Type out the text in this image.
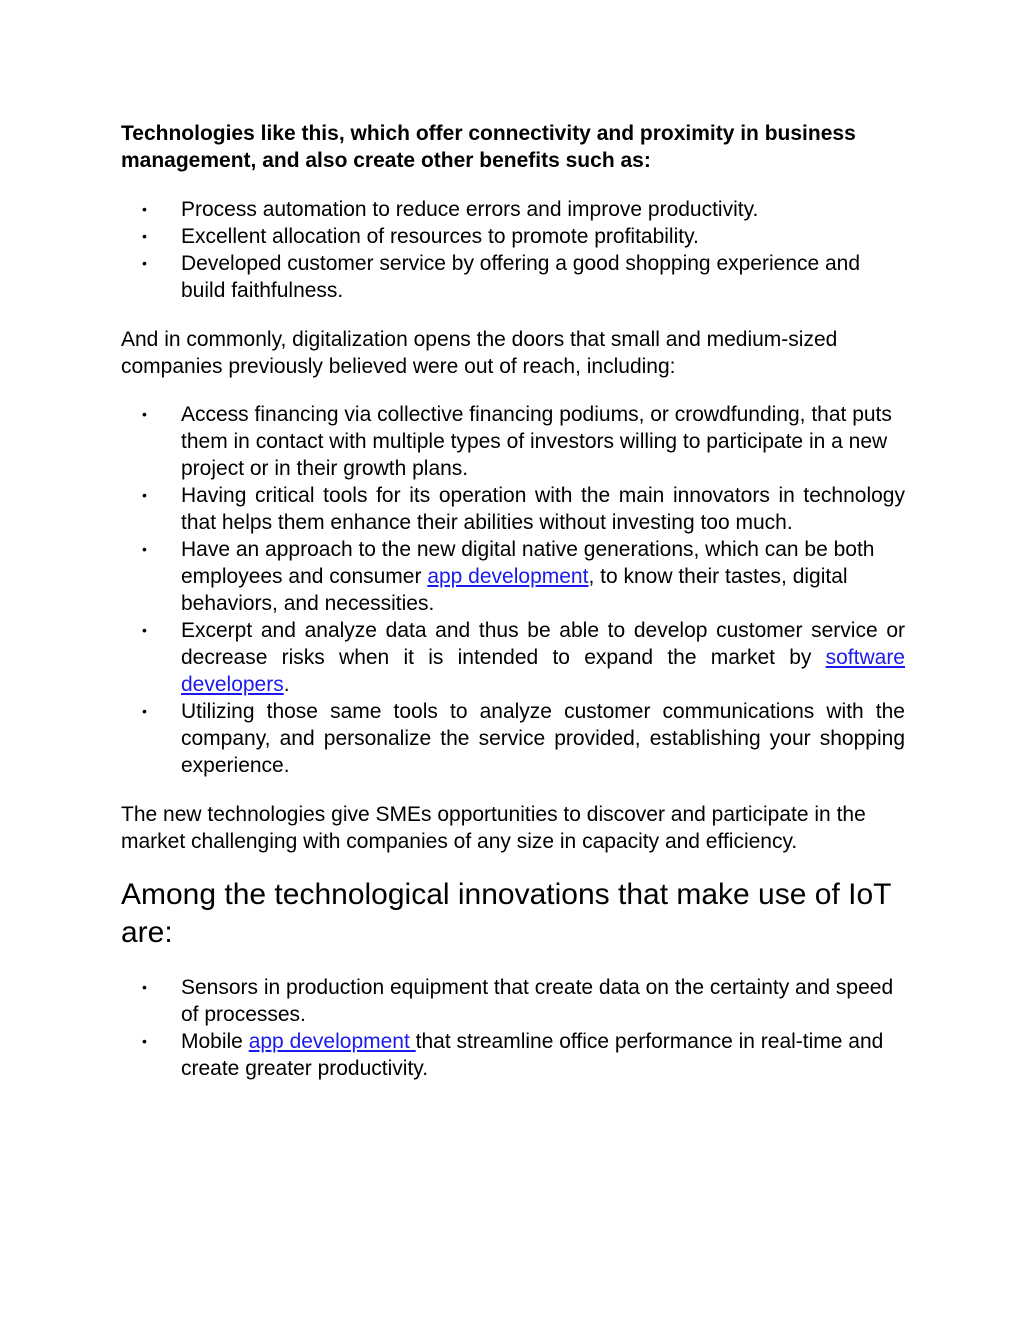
Technologies like this, which offer connectivity and proximity in business management, and also create other benefits such as:

• Process automation to reduce errors and improve productivity.
• Excellent allocation of resources to promote profitability.
• Developed customer service by offering a good shopping experience and build faithfulness.

And in commonly, digitalization opens the doors that small and medium-sized companies previously believed were out of reach, including:

• Access financing via collective financing podiums, or crowdfunding, that puts them in contact with multiple types of investors willing to participate in a new project or in their growth plans.
• Having critical tools for its operation with the main innovators in technology that helps them enhance their abilities without investing too much.
• Have an approach to the new digital native generations, which can be both employees and consumer app development, to know their tastes, digital behaviors, and necessities.
• Excerpt and analyze data and thus be able to develop customer service or decrease risks when it is intended to expand the market by software developers.
• Utilizing those same tools to analyze customer communications with the company, and personalize the service provided, establishing your shopping experience.

The new technologies give SMEs opportunities to discover and participate in the market challenging with companies of any size in capacity and efficiency.

Among the technological innovations that make use of IoT are:
• Sensors in production equipment that create data on the certainty and speed of processes.
• Mobile app development that streamline office performance in real-time and create greater productivity.
